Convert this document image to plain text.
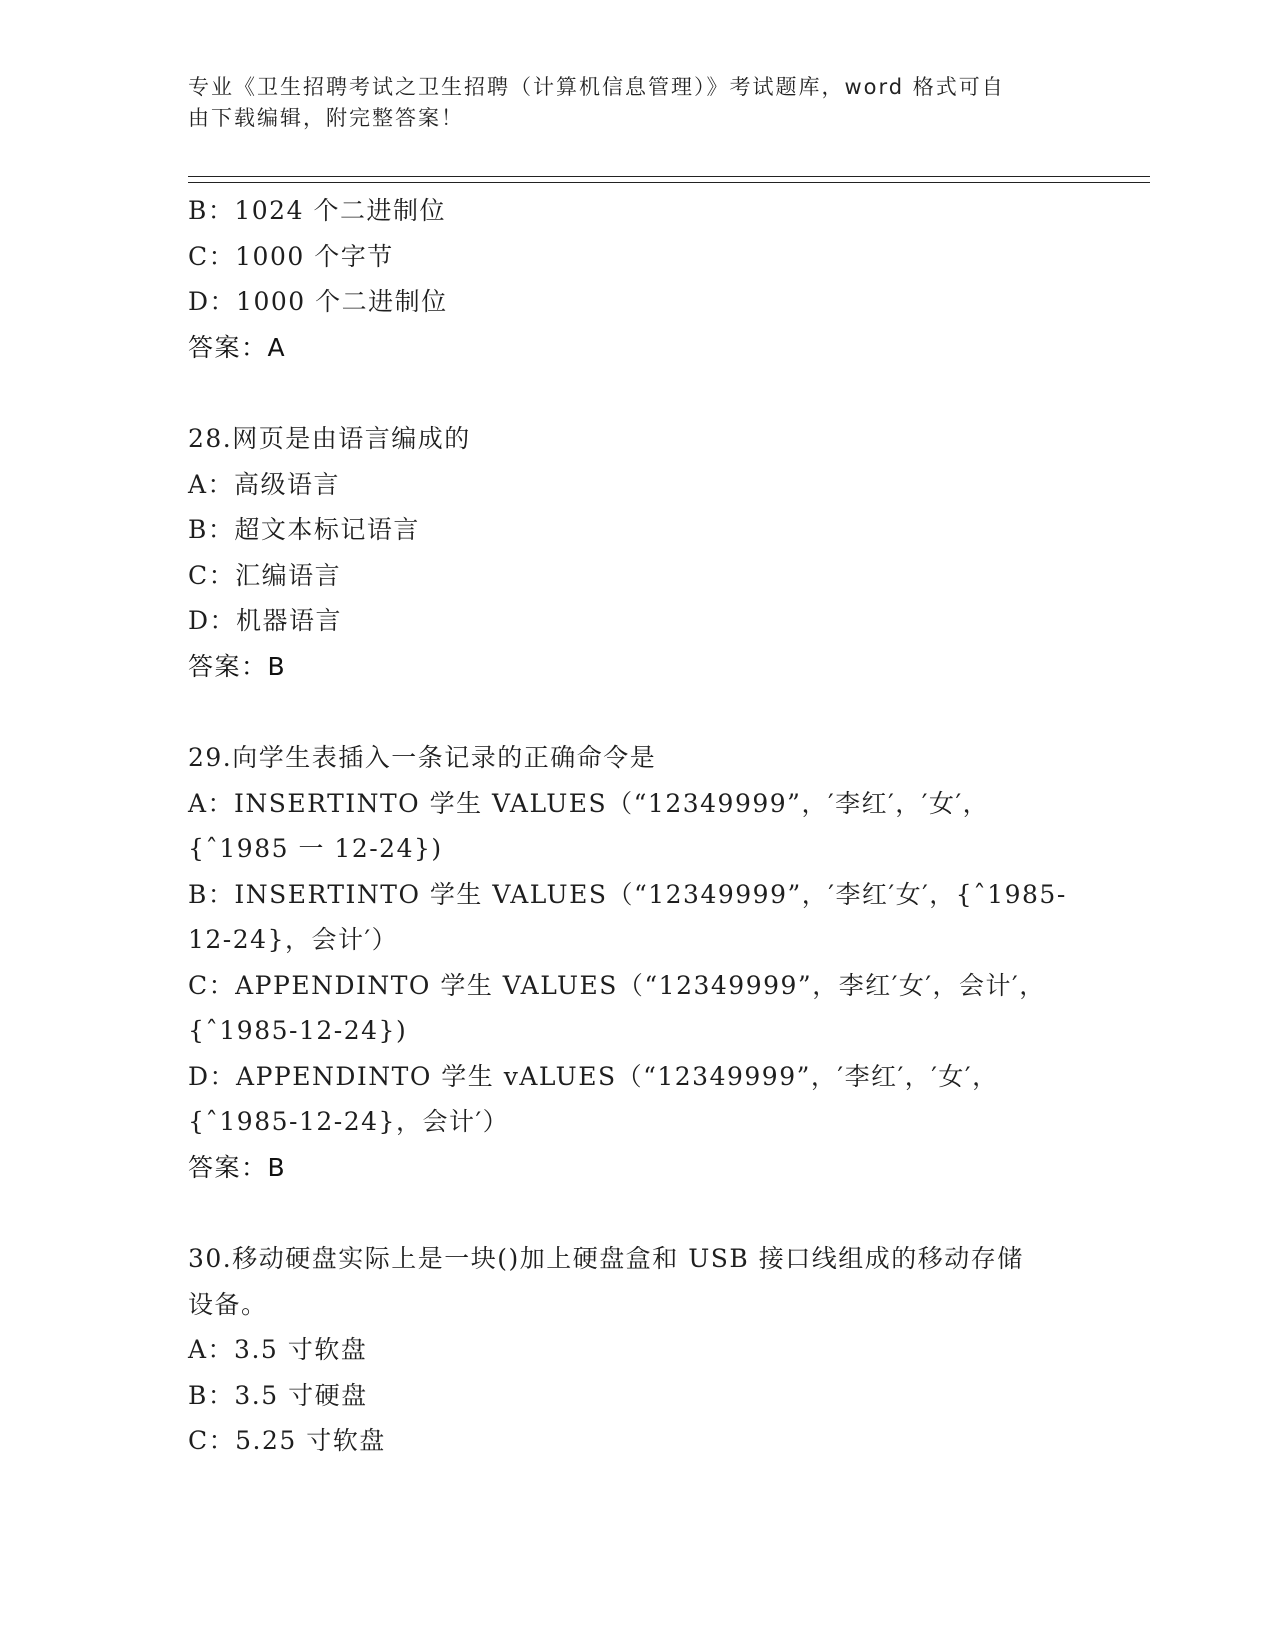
专业《卫生招聘考试之卫生招聘（计算机信息管理）》考试题库，word 格式可自
由下载编辑，附完整答案！
B：1024 个二进制位
C：1000 个字节
D：1000 个二进制位
答案：A
28.网页是由语言编成的
A：高级语言
B：超文本标记语言
C：汇编语言
D：机器语言
答案：B
29.向学生表插入一条记录的正确命令是
A：INSERTINTO 学生 VALUES（“12349999”，′李红′，′女′，
{ˆ1985 一 12-24})
B：INSERTINTO 学生 VALUES（“12349999”，′李红′女′，{ˆ1985-
12-24}，会计′）
C：APPENDINTO 学生 VALUES（“12349999”，李红′女′，会计′，
{ˆ1985-12-24})
D：APPENDINTO 学生 vALUES（“12349999”，′李红′，′女′，
{ˆ1985-12-24}，会计′）
答案：B
30.移动硬盘实际上是一块()加上硬盘盒和 USB 接口线组成的移动存储
设备。
A：3.5 寸软盘
B：3.5 寸硬盘
C：5.25 寸软盘
